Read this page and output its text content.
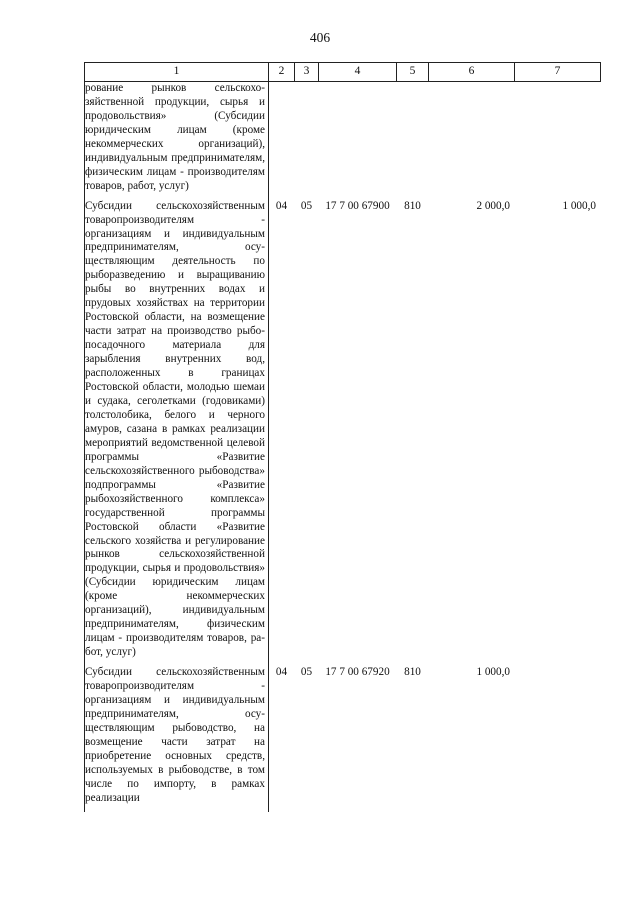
406
1	2	3	4	5	6	7
рование рынков сельскохозяйственной продукции, сырья и продовольствия» (Субсидии юридическим лицам (кроме некоммерческих организаций), индивидуальным предпринимателям, физическим лицам - производителям товаров, работ, услуг)						
Субсидии сельскохозяйственным товаропроизводителям - организациям и индивидуальным предпринимателям, осуществляющим деятельность по рыборазведению и выращиванию рыбы во внутренних водах и прудовых хозяйствах на территории Ростовской области, на возмещение части затрат на производство рыбопосадочного материала для зарыбления внутренних вод, расположенных в границах Ростовской области, молодью шемаи и судака, сеголетками (годовиками) толстолобика, белого и черного амуров, сазана в рамках реализации мероприятий ведомственной целевой программы «Развитие сельскохозяйственного рыбоводства» подпрограммы «Развитие рыбохозяйственного комплекса» государственной программы Ростовской области «Развитие сельского хозяйства и регулирование рынков сельскохозяйственной продукции, сырья и продовольствия» (Субсидии юридическим лицам (кроме некоммерческих организаций), индивидуальным предпринимателям, физическим лицам - производителям товаров, работ, услуг)	04	05	17 7 00 67900	810	2 000,0	1 000,0
Субсидии сельскохозяйственным товаропроизводителям - организациям и индивидуальным предпринимателям, осуществляющим рыбоводство, на возмещение части затрат на приобретение основных средств, используемых в рыбоводстве, в том числе по импорту, в рамках реализации	04	05	17 7 00 67920	810	1 000,0	
